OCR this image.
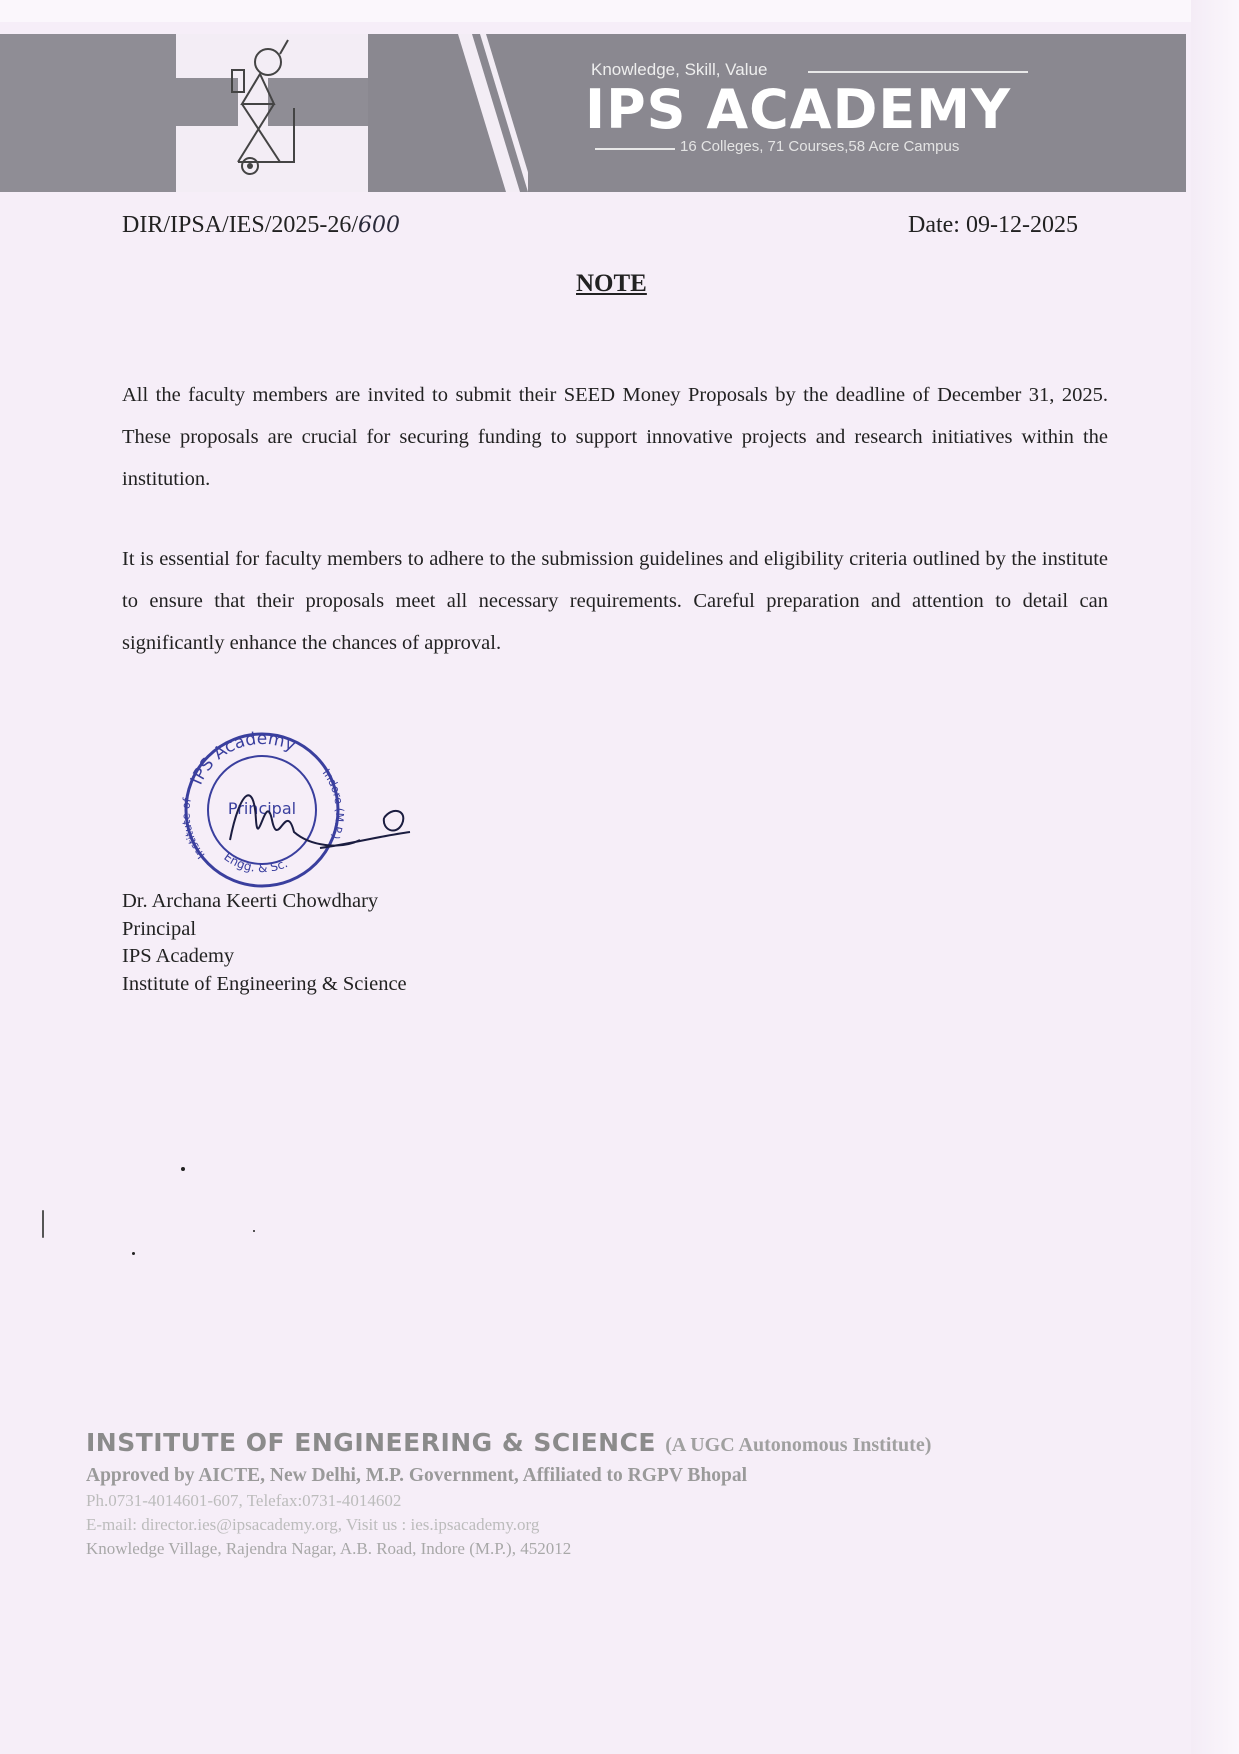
Knowledge, Skill, Value
IPS ACADEMY
16 Colleges, 71 Courses,58 Acre Campus
DIR/IPSA/IES/2025-26/600	Date: 09-12-2025
NOTE

All the faculty members are invited to submit their SEED Money Proposals by the deadline of December 31, 2025. These proposals are crucial for securing funding to support innovative projects and research initiatives within the institution.

It is essential for faculty members to adhere to the submission guidelines and eligibility criteria outlined by the institute to ensure that their proposals meet all necessary requirements. Careful preparation and attention to detail can significantly enhance the chances of approval.

IPS Academy
Engg. & Sc.
Institute of
Indore (M.P.)
Principal
Dr. Archana Keerti Chowdhary
Principal
IPS Academy
Institute of Engineering & Science
INSTITUTE OF ENGINEERING & SCIENCE (A UGC Autonomous Institute)
Approved by AICTE, New Delhi, M.P. Government, Affiliated to RGPV Bhopal
Ph.0731-4014601-607, Telefax:0731-4014602
E-mail: director.ies@ipsacademy.org, Visit us : ies.ipsacademy.org
Knowledge Village, Rajendra Nagar, A.B. Road, Indore (M.P.), 452012
